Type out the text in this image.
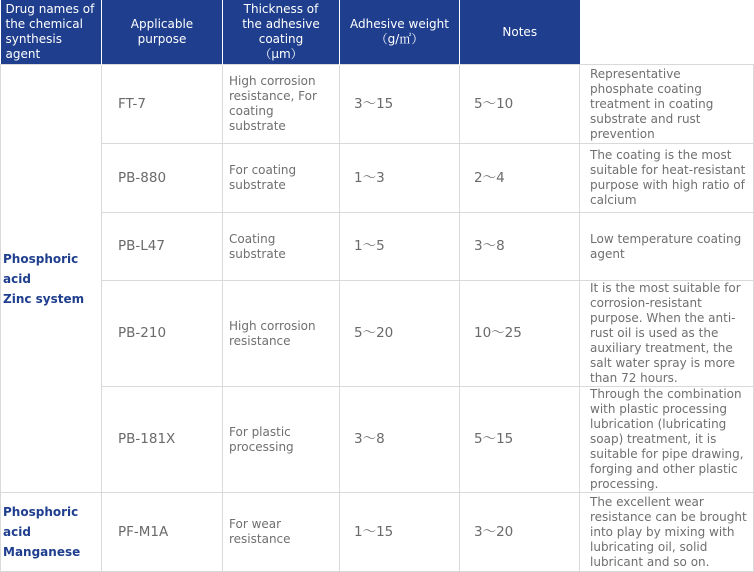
Drug names of the chemical synthesis agent	Applicable purpose	Thickness of
the adhesive coating
（μm）	Adhesive weight
（g/㎡）	Notes	
Phosphoric acid
Zinc system	FT-7	High corrosion resistance, For coating substrate	3～15	5～10	Representative phosphate coating treatment in coating substrate and rust prevention
	PB-880	For coating substrate	1～3	2～4	The coating is the most suitable for heat-resistant purpose with high ratio of calcium
	PB-L47	Coating substrate	1～5	3～8	Low temperature coating agent
	PB-210	High corrosion resistance	5～20	10～25	It is the most suitable for corrosion-resistant purpose. When the anti-rust oil is used as the auxiliary treatment, the salt water spray is more than 72 hours.
	PB-181X	For plastic processing	3～8	5～15	Through the combination with plastic processing lubrication (lubricating soap) treatment, it is suitable for pipe drawing, forging and other plastic processing.
Phosphoric acid
Manganese	PF-M1A	For wear resistance	1～15	3～20	The excellent wear resistance can be brought into play by mixing with lubricating oil, solid lubricant and so on.
